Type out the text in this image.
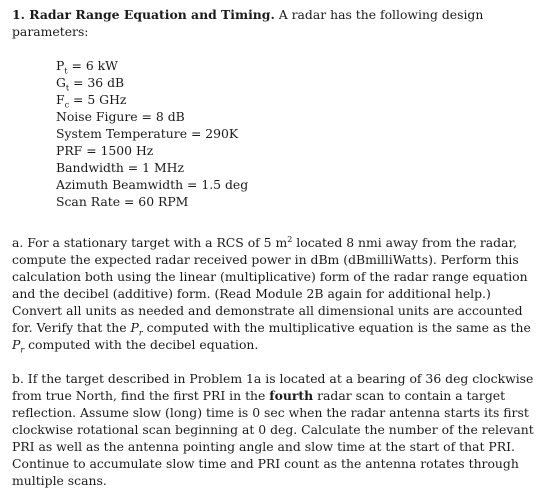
1. Radar Range Equation and Timing. A radar has the following design parameters:

$P_t = 6$ kW
$G_t = 36$ dB
$F_c = 5$ GHz
Noise Figure = 8 dB
System Temperature = 290K
PRF = 1500 Hz
Bandwidth = 1 MHz
Azimuth Beamwidth = 1.5 deg
Scan Rate = 60 RPM

a. For a stationary target with a RCS of 5 $m^2$ located 8 nmi away from the radar, compute the expected radar received power in dBm (dBmilliWatts). Perform this calculation both using the linear (multiplicative) form of the radar range equation and the decibel (additive) form. (Read Module 2B again for additional help.) Convert all units as needed and demonstrate all dimensional units are accounted for. Verify that the $P_r$ computed with the multiplicative equation is the same as the $P_r$ computed with the decibel equation.

b. If the target described in Problem 1a is located at a bearing of 36 deg clockwise from true North, find the first PRI in the fourth radar scan to contain a target reflection. Assume slow (long) time is 0 sec when the radar antenna starts its first clockwise rotational scan beginning at 0 deg. Calculate the number of the relevant PRI as well as the antenna pointing angle and slow time at the start of that PRI. Continue to accumulate slow time and PRI count as the antenna rotates through multiple scans.
